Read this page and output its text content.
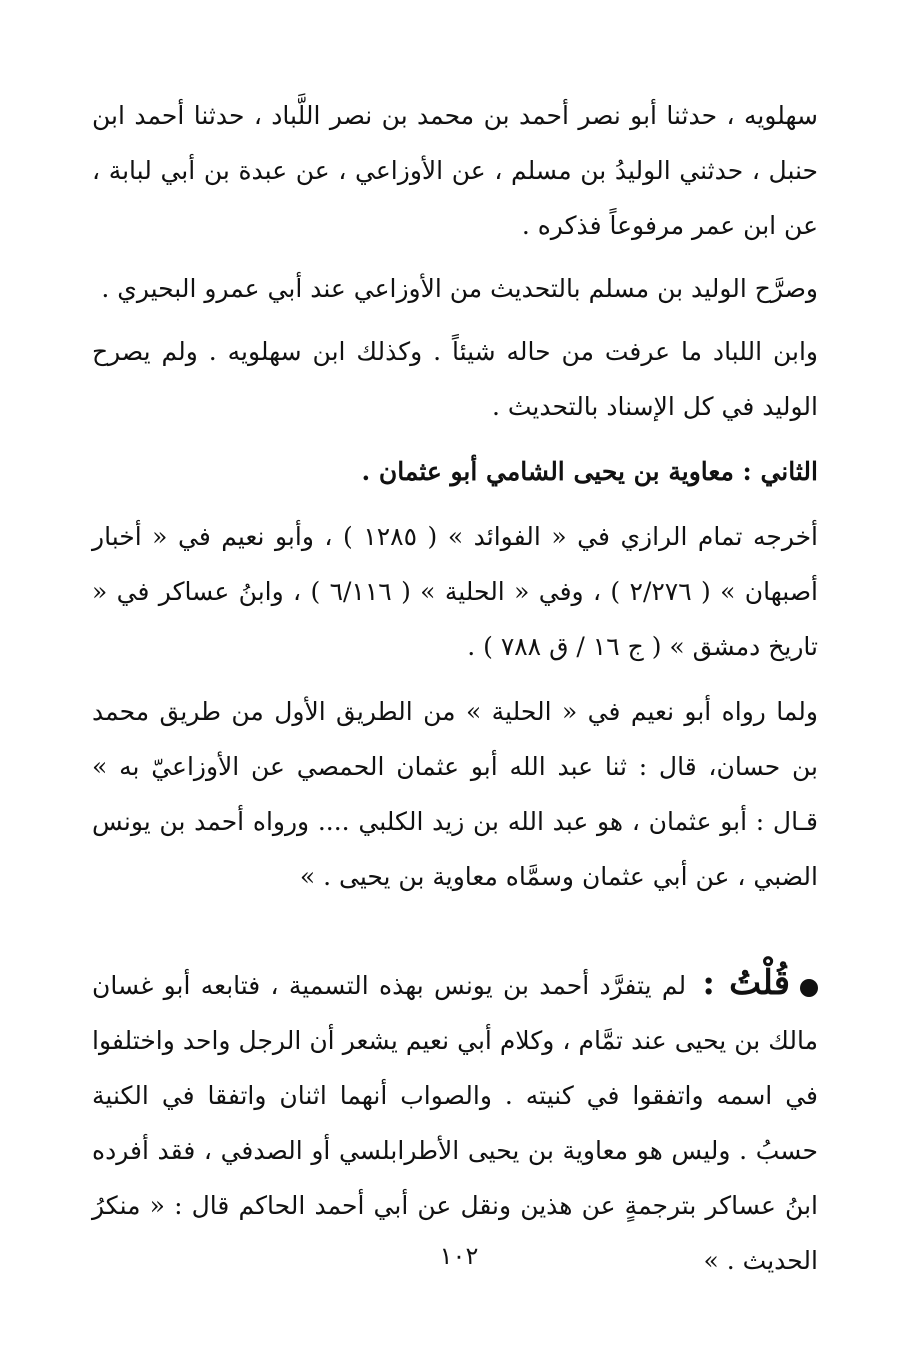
سهلويه ، حدثنا أبو نصر أحمد بن محمد بن نصر اللَّباد ، حدثنا أحمد ابن حنبل ، حدثني الوليدُ بن مسلم ، عن الأوزاعي ، عن عبدة بن أبي لبابة ، عن ابن عمر مرفوعاً فذكره .

وصرَّح الوليد بن مسلم بالتحديث من الأوزاعي عند أبي عمرو البحيري .

وابن اللباد ما عرفت من حاله شيئاً . وكذلك ابن سهلويه . ولم يصرح الوليد في كل الإسناد بالتحديث .

الثاني : معاوية بن يحيى الشامي أبو عثمان .

أخرجه تمام الرازي في « الفوائد » ( ١٢٨٥ ) ، وأبو نعيم في « أخبار أصبهان » ( ٢/٢٧٦ ) ، وفي « الحلية » ( ٦/١١٦ ) ، وابنُ عساكر في « تاريخ دمشق » ( ج ١٦ / ق ٧٨٨ ) .

ولما رواه أبو نعيم في « الحلية » من الطريق الأول من طريق محمد بن حسان، قال : ثنا عبد الله أبو عثمان الحمصي عن الأوزاعيّ به » قـال : أبو عثمان ، هو عبد الله بن زيد الكلبي .... ورواه أحمد بن يونس الضبي ، عن أبي عثمان وسمَّاه معاوية بن يحيى . »

قُلْتُ : لم يتفرَّد أحمد بن يونس بهذه التسمية ، فتابعه أبو غسان مالك بن يحيى عند تمَّام ، وكلام أبي نعيم يشعر أن الرجل واحد واختلفوا في اسمه واتفقوا في كنيته . والصواب أنهما اثنان واتفقا في الكنية حسبُ . وليس هو معاوية بن يحيى الأطرابلسي أو الصدفي ، فقد أفرده ابنُ عساكر بترجمةٍ عن هذين ونقل عن أبي أحمد الحاكم قال : « منكرُ الحديث . »

١٠٢
